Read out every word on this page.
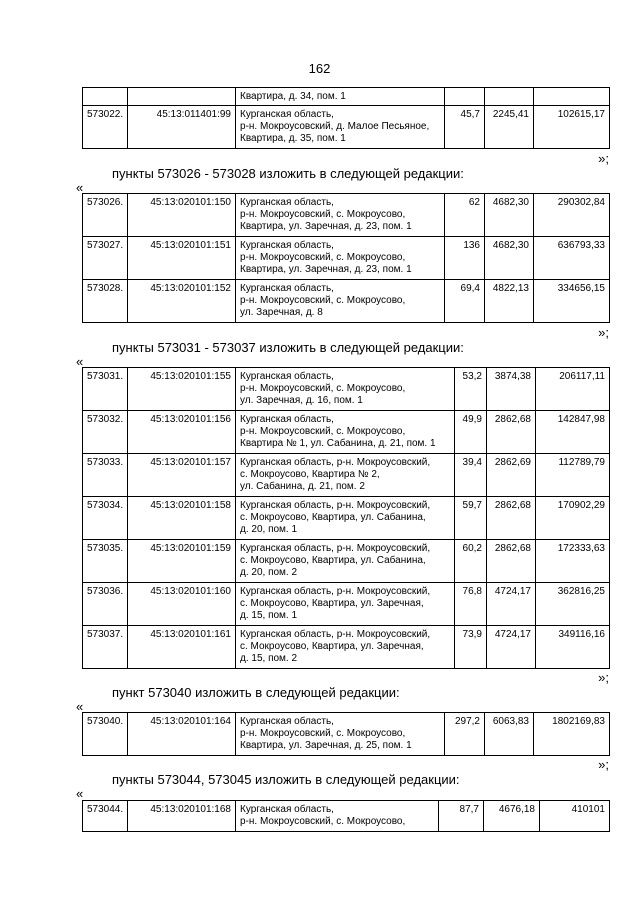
162
		Квартира, д. 34, пом. 1			
573022.	45:13:011401:99	Курганская область,
р-н. Мокроусовский, д. Малое Песьяное,
Квартира, д. 35, пом. 1	45,7	2245,41	102615,17
»;
пункты 573026 - 573028 изложить в следующей редакции:
«
573026.	45:13:020101:150	Курганская область,
р-н. Мокроусовский, с. Мокроусово,
Квартира, ул. Заречная, д. 23, пом. 1	62	4682,30	290302,84
573027.	45:13:020101:151	Курганская область,
р-н. Мокроусовский, с. Мокроусово,
Квартира, ул. Заречная, д. 23, пом. 1	136	4682,30	636793,33
573028.	45:13:020101:152	Курганская область,
р-н. Мокроусовский, с. Мокроусово,
ул. Заречная, д. 8	69,4	4822,13	334656,15
»;
пункты 573031 - 573037 изложить в следующей редакции:
«
573031.	45:13:020101:155	Курганская область,
р-н. Мокроусовский, с. Мокроусово,
ул. Заречная, д. 16, пом. 1	53,2	3874,38	206117,11
573032.	45:13:020101:156	Курганская область,
р-н. Мокроусовский, с. Мокроусово,
Квартира № 1, ул. Сабанина, д. 21, пом. 1	49,9	2862,68	142847,98
573033.	45:13:020101:157	Курганская область, р-н. Мокроусовский,
с. Мокроусово, Квартира № 2,
ул. Сабанина, д. 21, пом. 2	39,4	2862,69	112789,79
573034.	45:13:020101:158	Курганская область, р-н. Мокроусовский,
с. Мокроусово, Квартира, ул. Сабанина,
д. 20, пом. 1	59,7	2862,68	170902,29
573035.	45:13:020101:159	Курганская область, р-н. Мокроусовский,
с. Мокроусово, Квартира, ул. Сабанина,
д. 20, пом. 2	60,2	2862,68	172333,63
573036.	45:13:020101:160	Курганская область, р-н. Мокроусовский,
с. Мокроусово, Квартира, ул. Заречная,
д. 15, пом. 1	76,8	4724,17	362816,25
573037.	45:13:020101:161	Курганская область, р-н. Мокроусовский,
с. Мокроусово, Квартира, ул. Заречная,
д. 15, пом. 2	73,9	4724,17	349116,16
»;
пункт 573040 изложить в следующей редакции:
«
573040.	45:13:020101:164	Курганская область,
р-н. Мокроусовский, с. Мокроусово,
Квартира, ул. Заречная, д. 25, пом. 1	297,2	6063,83	1802169,83
»;
пункты 573044, 573045 изложить в следующей редакции:
«
573044.	45:13:020101:168	Курганская область,
р-н. Мокроусовский, с. Мокроусово,	87,7	4676,18	410101
